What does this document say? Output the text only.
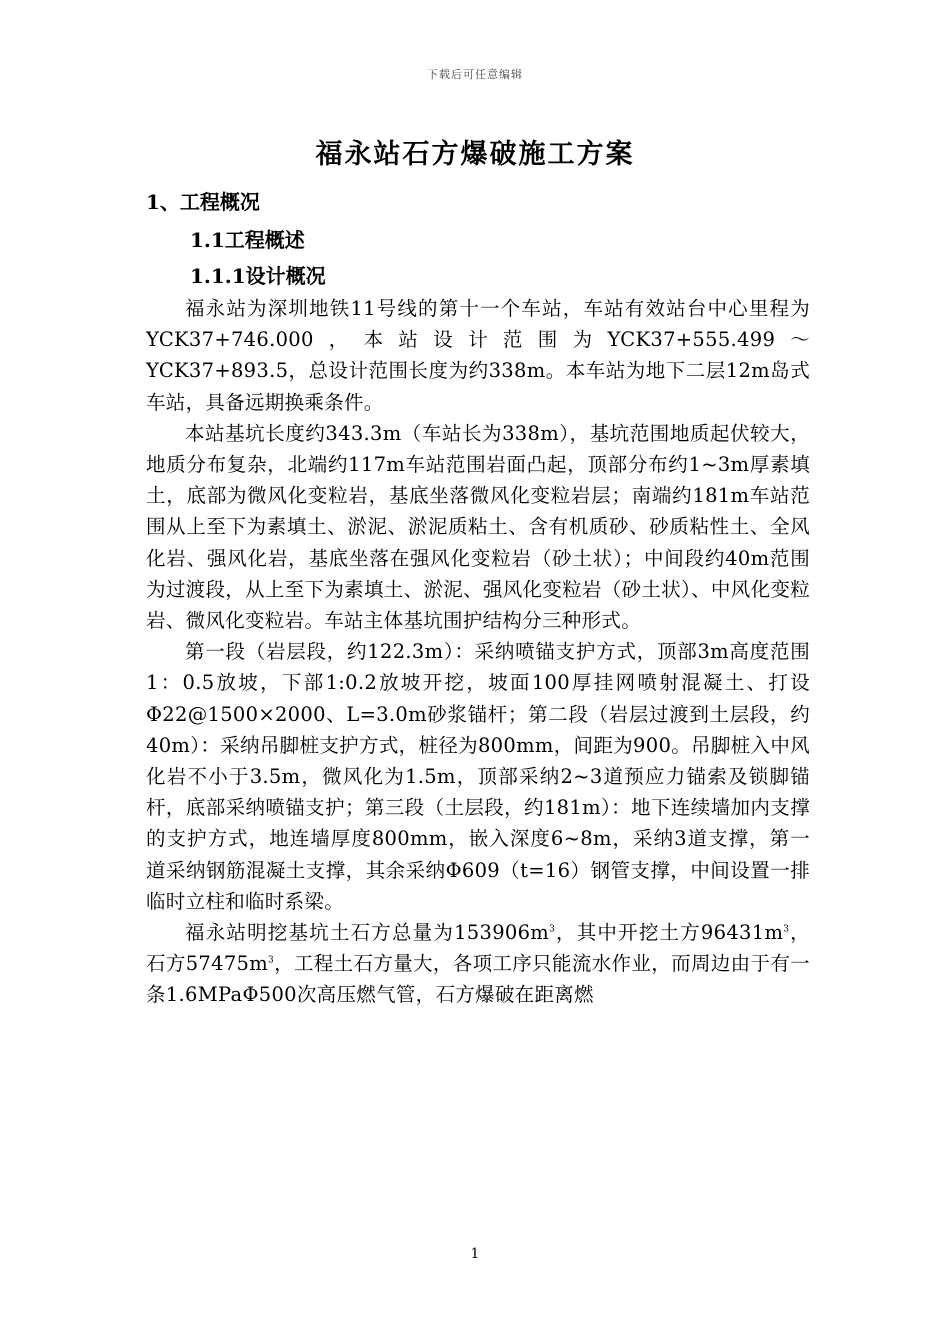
下载后可任意编辑
福永站石方爆破施工方案
1、工程概况
1.1工程概述
1.1.1设计概况

福永站为深圳地铁11号线的第十一个车站，车站有效站台中心里程为YCK37+746.000，本站设计范围为YCK37+555.499～YCK37+893.5，总设计范围长度为约338m。本车站为地下二层12m岛式车站，具备远期换乘条件。

本站基坑长度约343.3m（车站长为338m），基坑范围地质起伏较大，地质分布复杂，北端约117m车站范围岩面凸起，顶部分布约1~3m厚素填土，底部为微风化变粒岩，基底坐落微风化变粒岩层；南端约181m车站范围从上至下为素填土、淤泥、淤泥质粘土、含有机质砂、砂质粘性土、全风化岩、强风化岩，基底坐落在强风化变粒岩（砂土状）；中间段约40m范围为过渡段，从上至下为素填土、淤泥、强风化变粒岩（砂土状）、中风化变粒岩、微风化变粒岩。车站主体基坑围护结构分三种形式。

第一段（岩层段，约122.3m）：采纳喷锚支护方式，顶部3m高度范围1：0.5放坡，下部1:0.2放坡开挖，坡面100厚挂网喷射混凝土、打设Φ22@1500×2000、L=3.0m砂浆锚杆；第二段（岩层过渡到土层段，约40m）：采纳吊脚桩支护方式，桩径为800mm，间距为900。吊脚桩入中风化岩不小于3.5m，微风化为1.5m，顶部采纳2~3道预应力锚索及锁脚锚杆，底部采纳喷锚支护；第三段（土层段，约181m）：地下连续墙加内支撑的支护方式，地连墙厚度800mm，嵌入深度6~8m，采纳3道支撑，第一道采纳钢筋混凝土支撑，其余采纳Φ609（t=16）钢管支撑，中间设置一排临时立柱和临时系梁。

福永站明挖基坑土石方总量为$153906m^3$，其中开挖土方$96431m^3$，石方$57475m^3$，工程土石方量大，各项工序只能流水作业，而周边由于有一条1.6MPaΦ500次高压燃气管，石方爆破在距离燃

1
